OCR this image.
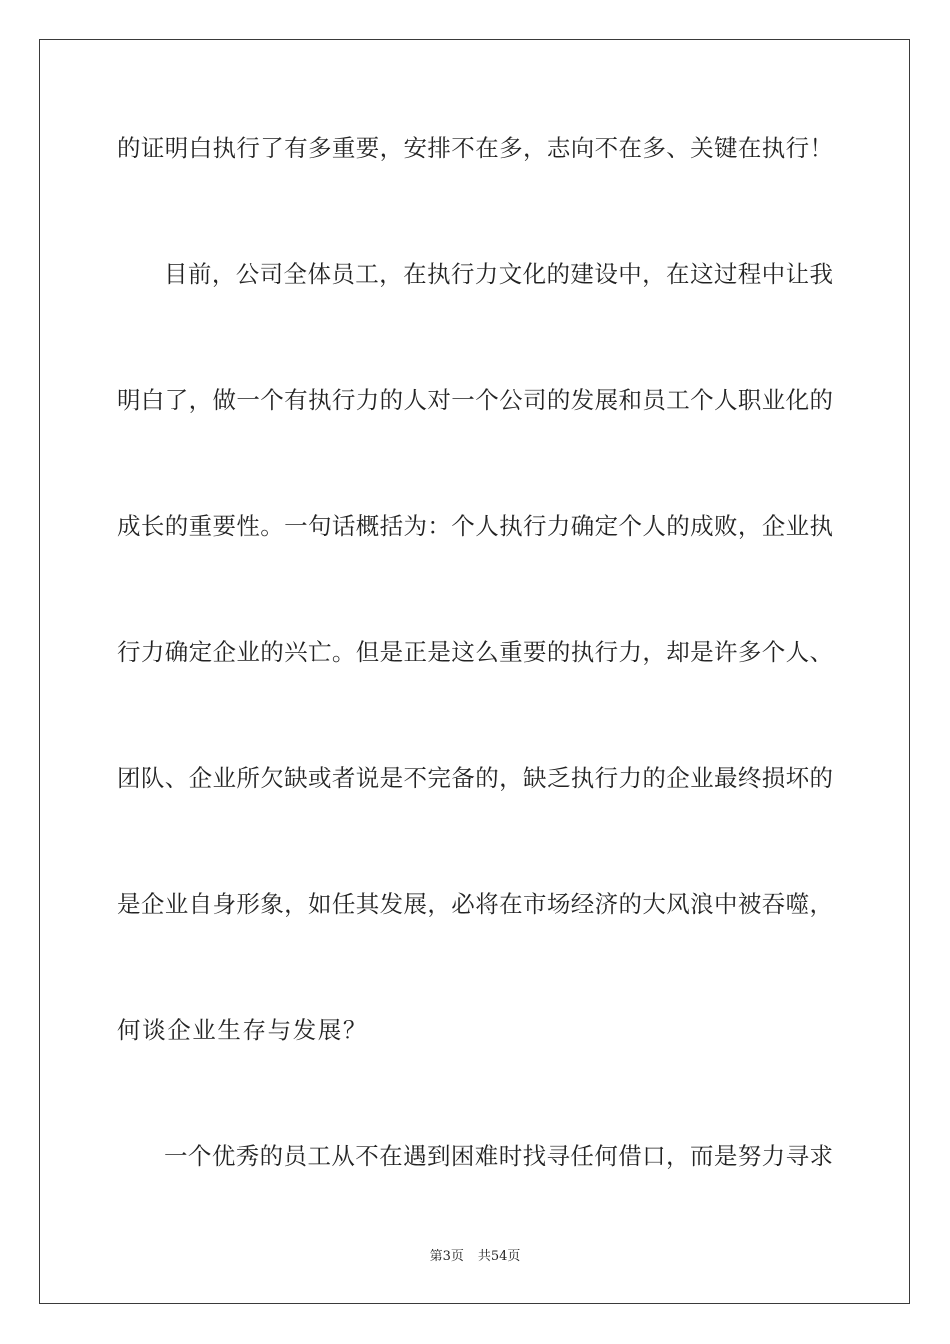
的证明白执行了有多重要，安排不在多，志向不在多、关键在执行！
目前，公司全体员工，在执行力文化的建设中，在这过程中让我
明白了，做一个有执行力的人对一个公司的发展和员工个人职业化的
成长的重要性。一句话概括为：个人执行力确定个人的成败，企业执
行力确定企业的兴亡。但是正是这么重要的执行力，却是许多个人、
团队、企业所欠缺或者说是不完备的，缺乏执行力的企业最终损坏的
是企业自身形象，如任其发展，必将在市场经济的大风浪中被吞噬，
何谈企业生存与发展？
一个优秀的员工从不在遇到困难时找寻任何借口，而是努力寻求
第3页 共54页
